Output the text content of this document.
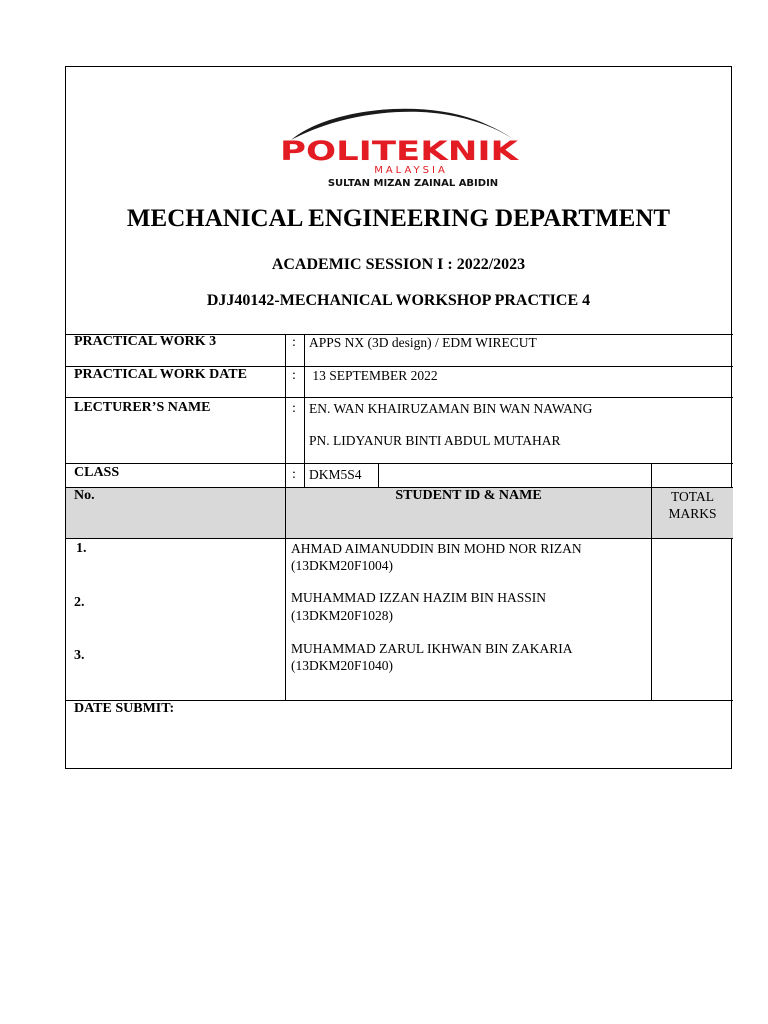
POLITEKNIK
MALAYSIA
SULTAN MIZAN ZAINAL ABIDIN
MECHANICAL ENGINEERING DEPARTMENT
ACADEMIC SESSION I : 2022/2023
DJJ40142-MECHANICAL WORKSHOP PRACTICE 4
PRACTICAL WORK 3	: APPS NX (3D design) / EDM WIRECUT
PRACTICAL WORK DATE	: 13 SEPTEMBER 2022
LECTURER’S NAME	: EN. WAN KHAIRUZAMAN BIN WAN NAWANG
PN. LIDYANUR BINTI ABDUL MUTAHAR
CLASS	: DKM5S4
No.	STUDENT ID & NAME	TOTAL
MARKS
1.	AHMAD AIMANUDDIN BIN MOHD NOR RIZAN
(13DKM20F1004)
2.	MUHAMMAD IZZAN HAZIM BIN HASSIN
(13DKM20F1028)
3.	MUHAMMAD ZARUL IKHWAN BIN ZAKARIA
(13DKM20F1040)
DATE SUBMIT:
